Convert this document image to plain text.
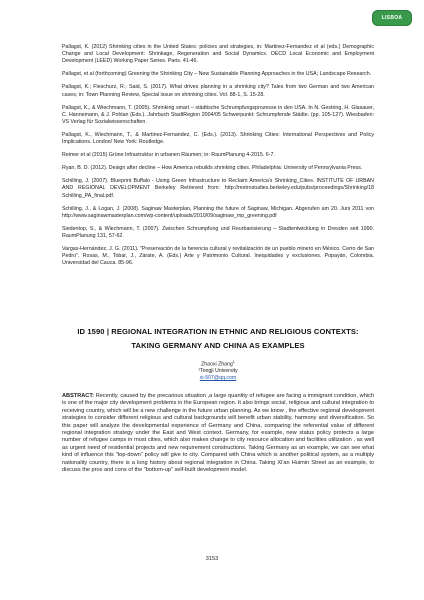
LISBOA

Pallagst, K. (2012) Shrinking cities in the United States: policies and strategies, in: Martinez-Fernandez et al (eds.) Demographic Change and Local Development: Shrinkage, Regeneration and Social Dynamics. OECD Local Economic and Employment Development (LEED) Working Paper Series. Paris. 41-46.

Pallagst, et al (forthcoming) Greening the Shrinking City – New Sustainable Planning Approaches in the USA; Landscape Research.

Pallagst, K.; Fleschurz, R.; Said, S. (2017). What drives planning in a shrinking city? Tales from two German and two American cases; in: Town Planning Review, Special issue on shrinking cities. Vol. 88-1, S. 15-28.

Pallagst, K., & Wiechmann, T. (2005). Shrinking smart – städtische Schrumpfungsprozesse in den USA. In N. Gestring, H. Glasauer, C. Hannemann, & J. Pohlan (Eds.). Jahrbuch StadtRegion 2004/05 Schwerpunkt: Schrumpfende Städte. (pp. 105-127). Wiesbaden: VS Verlag für Sozialwissenschaften.

Pallagst, K., Wiechmann, T., & Martinez-Fernandez, C. (Eds.). (2013). Shrinking Cities: International Perspectives and Policy Implications. London/ New York: Routledge.

Reimer et al (2015) Grüne Infrastruktur in urbanen Räumen; in: RaumPlanung 4-2015. 6-7.

Ryan, B. D. (2012). Design after decline – How America rebuilds shrinking cities. Philadelphia: University of Pennsylvania Press.

Schilling, J. (2007). Blueprint Buffalo - Using Green Infrastructure to Reclaim America's Shrinking_Cities. INSTITUTE OF URBAN AND REGIONAL DEVELOPMENT Berkeley Retrieved from: http://metrostudies.berkeley.edu/pubs/proceedings/Shrinking/18 Schilling_PA_final.pdf.

Schilling, J., & Logan, J. (2008). Saginaw Masterplan, Planning the future of Saginaw, Michigan. Abgerufen am 20. Juni 2011 von http://www.saginawmasterplan.com/wp-content/uploads/2010/09/saginaw_mp_greening.pdf

Siedentop, S., & Wiechmann, T. (2007). Zwischen Schrumpfung und Reurbanisierung – Stadtentwicklung in Dresden seit 1990. RaumPlanung 131, 57-62.

Vargas-Hernández, J. G. (2011). "Preservación de la herencia cultural y revitalización de un pueblo minero en México. Cerro de San Pedro". Rosas, M., Tobar, J., Zárate, A. (Eds.) Arte y Patrimonio Cultural. Inequidades y exclusiones. Popayán, Colombia. Universidad del Cauca. 85-96.

ID 1590 | REGIONAL INTEGRATION IN ETHNIC AND RELIGIOUS CONTEXTS: TAKING GERMANY AND CHINA AS EXAMPLES
Zhaoxi Zhang$^1$
¹Tongji University
xi-507@qq.com
ABSTRACT: Recently, caused by the precarious situation ,a large quantity of refugee are facing a immigrant condition, which is one of the major city development problems in the European region. It also brings social, religious and cultural integration to receiving country, which will be a new challenge in the future urban planning. As we know , the effective regional development strategies to consider different religious and cultural backgrounds will benefit urban stability, harmony and diversification. So this paper will analyze the developmental experience of Germany and China, comparing the referential value of different regional integration strategy under the East and West context. Germany, for example, new status policy protects a large number of refugee camps in most cities, which also makes change to city resource allocation and facilities utilization , as well as urgent need of residential projects and new requirement constructions. Taking Germany as an example, we can see what kind of influence this "top-down" policy will give to city. Compared with China which is another political system, as a multiply nationality country, there is a long history about regional integration in China. Taking Xi'an Huimin Street as an example, to discuss the pros and cons of the "bottom-up" self-built development model.
3153
